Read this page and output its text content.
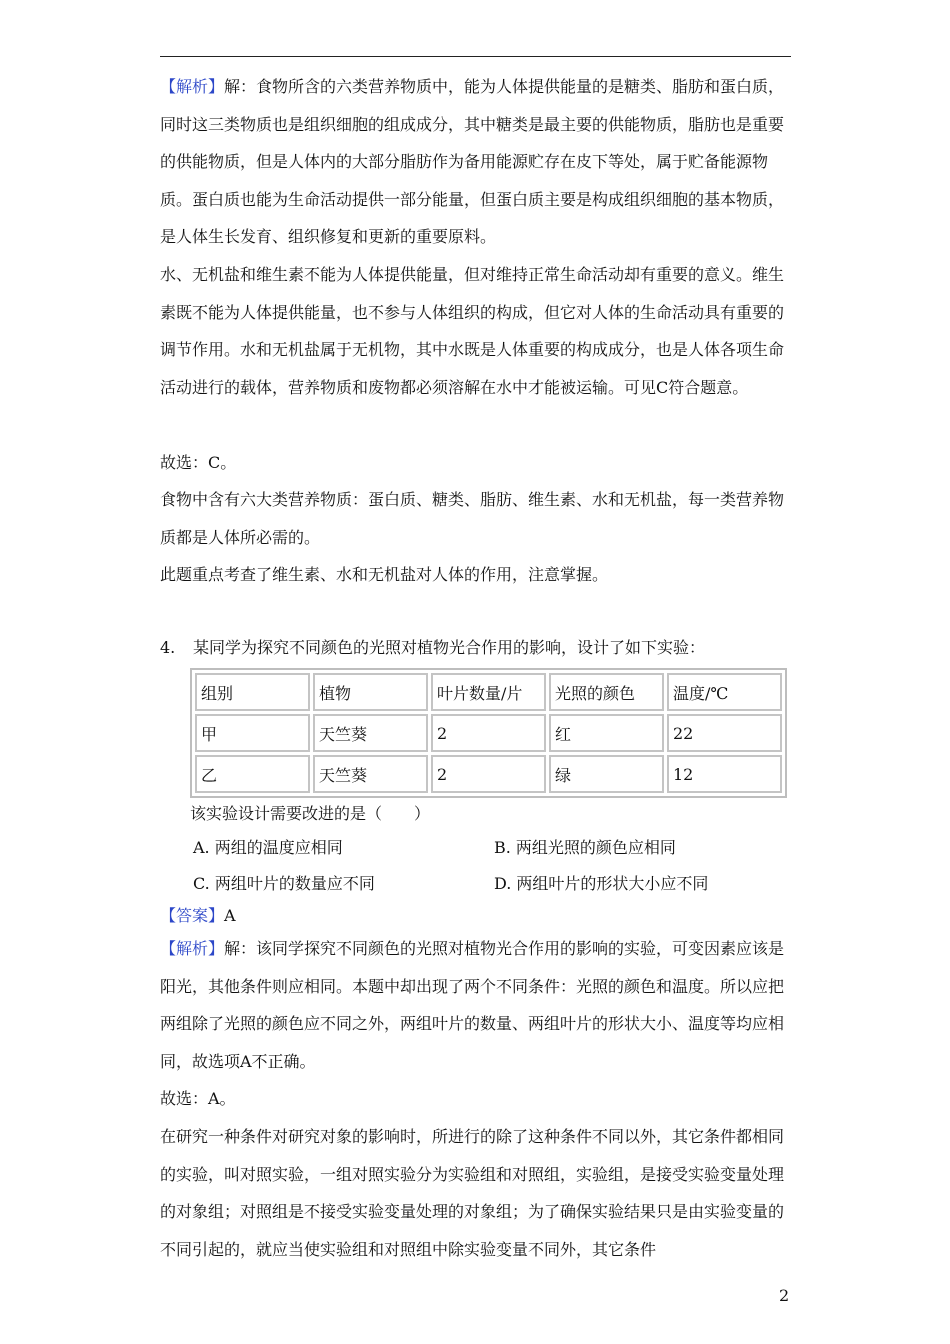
【解析】解：食物所含的六类营养物质中，能为人体提供能量的是糖类、脂肪和蛋白质，同时这三类物质也是组织细胞的组成成分，其中糖类是最主要的供能物质，脂肪也是重要的供能物质，但是人体内的大部分脂肪作为备用能源贮存在皮下等处，属于贮备能源物质。蛋白质也能为生命活动提供一部分能量，但蛋白质主要是构成组织细胞的基本物质，是人体生长发育、组织修复和更新的重要原料。

水、无机盐和维生素不能为人体提供能量，但对维持正常生命活动却有重要的意义。维生素既不能为人体提供能量，也不参与人体组织的构成，但它对人体的生命活动具有重要的调节作用。水和无机盐属于无机物，其中水既是人体重要的构成成分，也是人体各项生命活动进行的载体，营养物质和废物都必须溶解在水中才能被运输。可见C符合题意。

故选：C。

食物中含有六大类营养物质：蛋白质、糖类、脂肪、维生素、水和无机盐，每一类营养物质都是人体所必需的。

此题重点考查了维生素、水和无机盐对人体的作用，注意掌握。

4. 某同学为探究不同颜色的光照对植物光合作用的影响，设计了如下实验：
组别	植物	叶片数量/片	光照的颜色	温度/℃
甲	天竺葵	2	红	22
乙	天竺葵	2	绿	12
该实验设计需要改进的是（　　）
A. 两组的温度应相同	B. 两组光照的颜色应相同
C. 两组叶片的数量应不同	D. 两组叶片的形状大小应不同
【答案】A

【解析】解：该同学探究不同颜色的光照对植物光合作用的影响的实验，可变因素应该是阳光，其他条件则应相同。本题中却出现了两个不同条件：光照的颜色和温度。所以应把两组除了光照的颜色应不同之外，两组叶片的数量、两组叶片的形状大小、温度等均应相同，故选项A不正确。

故选：A。

在研究一种条件对研究对象的影响时，所进行的除了这种条件不同以外，其它条件都相同的实验，叫对照实验，一组对照实验分为实验组和对照组，实验组，是接受实验变量处理的对象组；对照组是不接受实验变量处理的对象组；为了确保实验结果只是由实验变量的不同引起的，就应当使实验组和对照组中除实验变量不同外，其它条件

2
